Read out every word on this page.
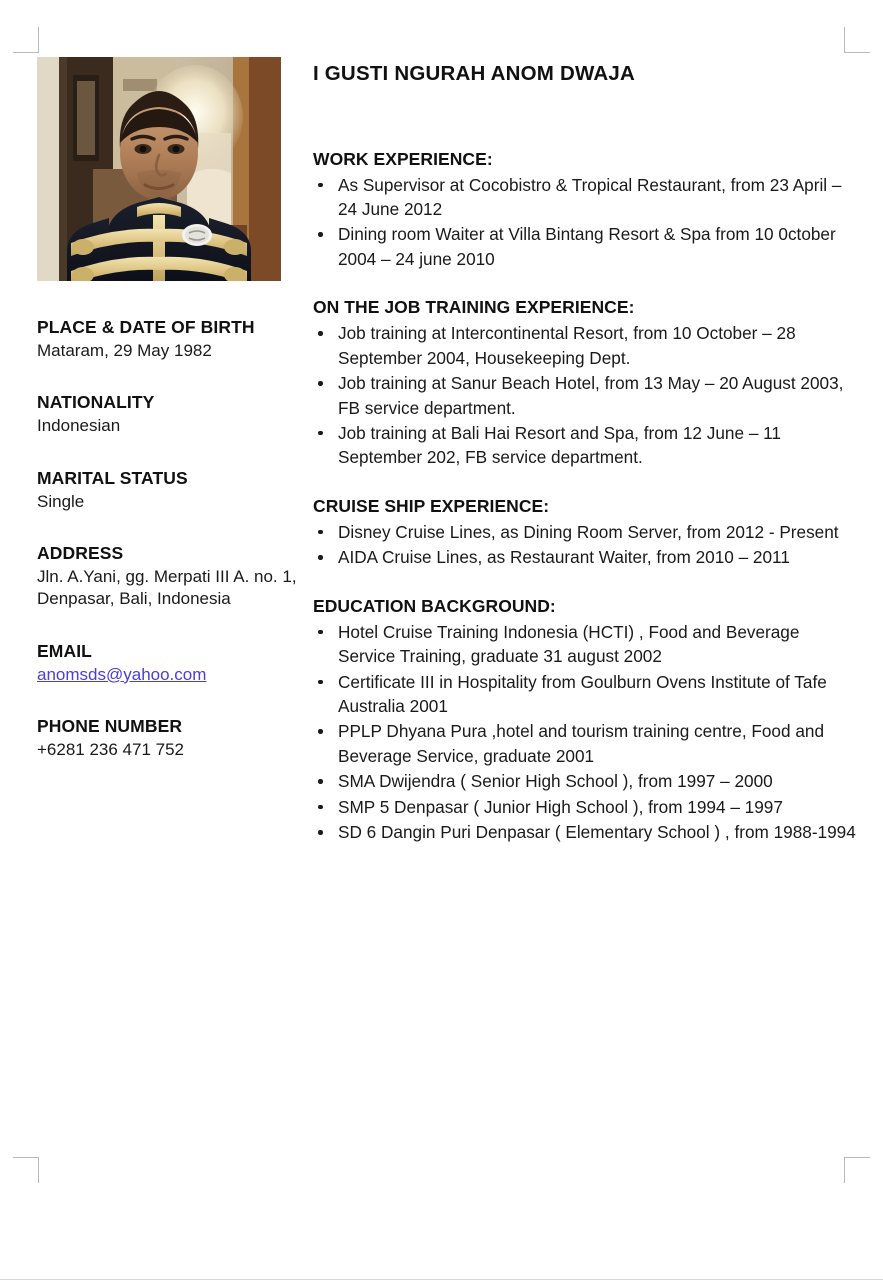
PLACE & DATE OF BIRTH
Mataram, 29 May 1982
NATIONALITY
Indonesian
MARITAL STATUS
Single
ADDRESS
Jln. A.Yani, gg. Merpati III A. no. 1, Denpasar, Bali, Indonesia
EMAIL
anomsds@yahoo.com
PHONE NUMBER
+6281 236 471 752
I GUSTI NGURAH ANOM DWAJA
WORK EXPERIENCE:
As Supervisor at Cocobistro & Tropical Restaurant, from 23 April – 24 June 2012
Dining room Waiter at Villa Bintang Resort & Spa from 10 0ctober 2004 – 24 june 2010
ON THE JOB TRAINING EXPERIENCE:
Job training at Intercontinental Resort, from 10 October – 28 September 2004, Housekeeping Dept.
Job training at Sanur Beach Hotel, from 13 May – 20 August 2003, FB service department.
Job training at Bali Hai Resort and Spa, from 12 June – 11 September 202, FB service department.
CRUISE SHIP EXPERIENCE:
Disney Cruise Lines, as Dining Room Server, from 2012 - Present
AIDA Cruise Lines, as Restaurant Waiter, from 2010 – 2011
EDUCATION BACKGROUND:
Hotel Cruise Training Indonesia (HCTI) , Food and Beverage Service Training, graduate 31 august 2002
Certificate III in Hospitality from Goulburn Ovens Institute of Tafe Australia 2001
PPLP Dhyana Pura ,hotel and tourism training centre, Food and Beverage Service, graduate 2001
SMA Dwijendra ( Senior High School ), from 1997 – 2000
SMP 5 Denpasar ( Junior High School ), from 1994 – 1997
SD 6 Dangin Puri Denpasar ( Elementary School ) , from 1988-1994
